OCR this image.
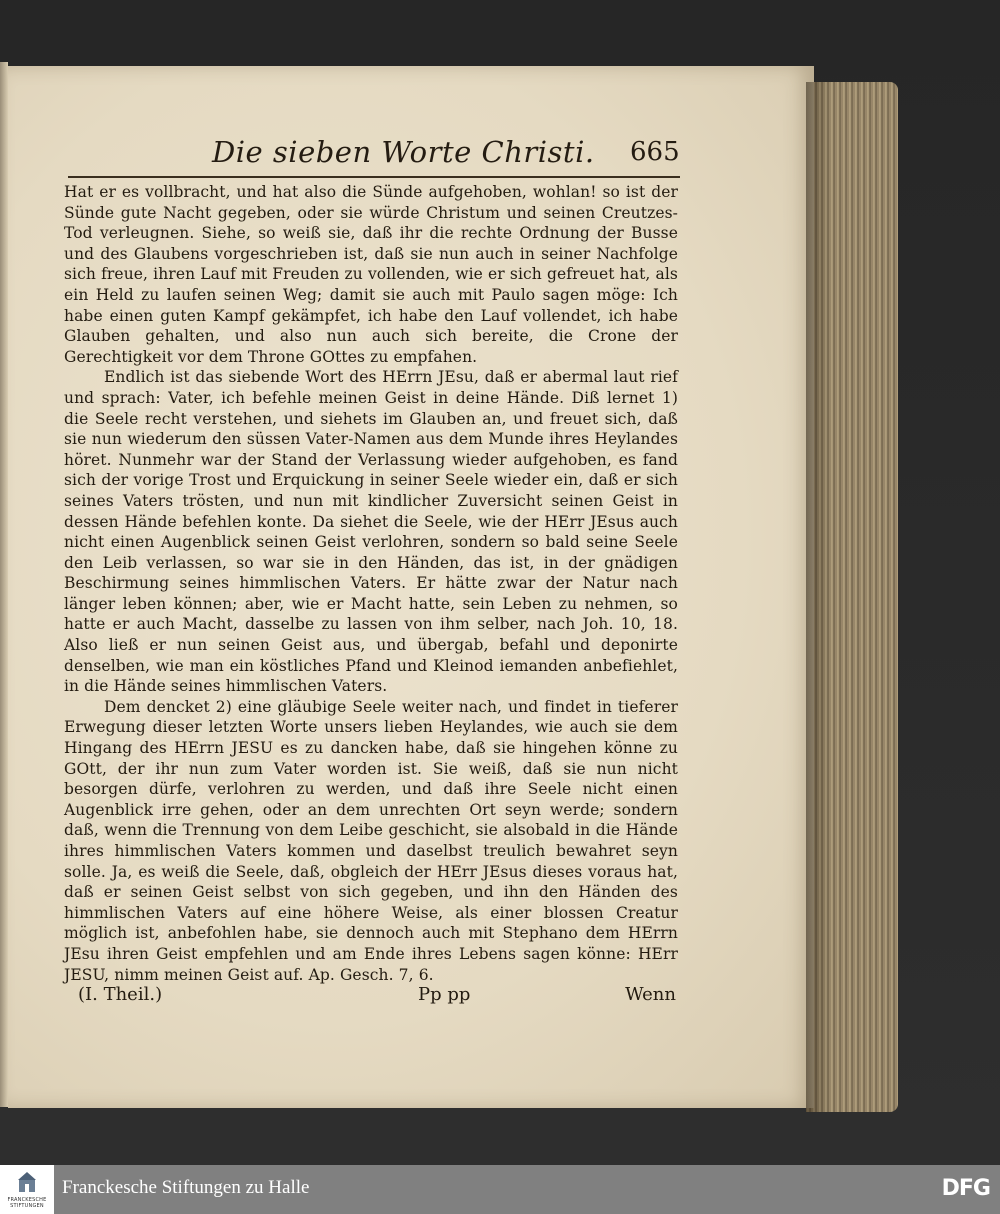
Die sieben Worte Christi. 665

Hat er es vollbracht, und hat also die Sünde aufgehoben, wohlan! so ist der Sünde gute Nacht gegeben, oder sie würde Christum und seinen Creutzes-Tod verleugnen. Siehe, so weiß sie, daß ihr die rechte Ordnung der Busse und des Glaubens vorgeschrieben ist, daß sie nun auch in seiner Nachfolge sich freue, ihren Lauf mit Freuden zu vollenden, wie er sich gefreuet hat, als ein Held zu laufen seinen Weg; damit sie auch mit Paulo sagen möge: Ich habe einen guten Kampf gekämpfet, ich habe den Lauf vollendet, ich habe Glauben gehalten, und also nun auch sich bereite, die Crone der Gerechtigkeit vor dem Throne GOttes zu empfahen.

Endlich ist das siebende Wort des HErrn JEsu, daß er abermal laut rief und sprach: Vater, ich befehle meinen Geist in deine Hände. Diß lernet 1) die Seele recht verstehen, und siehets im Glauben an, und freuet sich, daß sie nun wiederum den süssen Vater-Namen aus dem Munde ihres Heylandes höret. Nunmehr war der Stand der Verlassung wieder aufgehoben, es fand sich der vorige Trost und Erquickung in seiner Seele wieder ein, daß er sich seines Vaters trösten, und nun mit kindlicher Zuversicht seinen Geist in dessen Hände befehlen konte. Da siehet die Seele, wie der HErr JEsus auch nicht einen Augenblick seinen Geist verlohren, sondern so bald seine Seele den Leib verlassen, so war sie in den Händen, das ist, in der gnädigen Beschirmung seines himmlischen Vaters. Er hätte zwar der Natur nach länger leben können; aber, wie er Macht hatte, sein Leben zu nehmen, so hatte er auch Macht, dasselbe zu lassen von ihm selber, nach Joh. 10, 18. Also ließ er nun seinen Geist aus, und übergab, befahl und deponirte denselben, wie man ein köstliches Pfand und Kleinod iemanden anbefiehlet, in die Hände seines himmlischen Vaters.

Dem dencket 2) eine gläubige Seele weiter nach, und findet in tieferer Erwegung dieser letzten Worte unsers lieben Heylandes, wie auch sie dem Hingang des HErrn JESU es zu dancken habe, daß sie hingehen könne zu GOtt, der ihr nun zum Vater worden ist. Sie weiß, daß sie nun nicht besorgen dürfe, verlohren zu werden, und daß ihre Seele nicht einen Augenblick irre gehen, oder an dem unrechten Ort seyn werde; sondern daß, wenn die Trennung von dem Leibe geschicht, sie alsobald in die Hände ihres himmlischen Vaters kommen und daselbst treulich bewahret seyn solle. Ja, es weiß die Seele, daß, obgleich der HErr JEsus dieses voraus hat, daß er seinen Geist selbst von sich gegeben, und ihn den Händen des himmlischen Vaters auf eine höhere Weise, als einer blossen Creatur möglich ist, anbefohlen habe, sie dennoch auch mit Stephano dem HErrn JEsu ihren Geist empfehlen und am Ende ihres Lebens sagen könne: HErr JESU, nimm meinen Geist auf. Ap. Gesch. 7, 6.

(I. Theil.)	Pp pp	Wenn
FRANCKESCHE STIFTUNGEN
Franckesche Stiftungen zu Halle	DFG
